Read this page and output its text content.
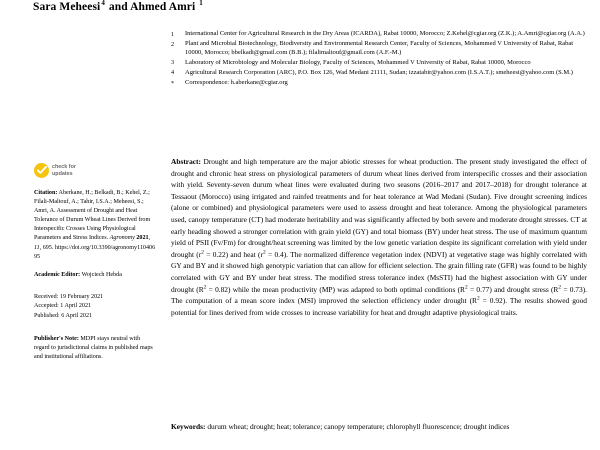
Sara Meheesi$^4$ and Ahmed Amri $^1$
1	International Center for Agricultural Research in the Dry Areas (ICARDA), Rabat 10000, Morocco; Z.Kehel@cgiar.org (Z.K.); A.Amri@cgiar.org (A.A.)
2	Plant and Microbial Biotechnology, Biodiversity and Environmental Research Center, Faculty of Sciences, Mohammed V University of Rabat, Rabat 10000, Morocco; bbelkadi@gmail.com (B.B.); filalimaltouf@gmail.com (A.F.-M.)
3	Laboratory of Microbiology and Molecular Biology, Faculty of Sciences, Mohammed V University of Rabat, Rabat 10000, Morocco
4	Agricultural Research Corporation (ARC), P.O. Box 126, Wad Medani 21111, Sudan; izzatabir@yahoo.com (I.S.A.T.); smeheesi@yahoo.com (S.M.)
*	Correspondence: h.aberkane@cgiar.org
check for
updates
Citation: Aberkane, H.; Belkadi, B.; Kehel, Z.; Filali-Maltouf, A.; Tahir, I.S.A.; Meheesi, S.; Amri, A. Assessment of Drought and Heat Tolerance of Durum Wheat Lines Derived from Interspecific Crosses Using Physiological Parameters and Stress Indices. Agronomy 2021, 11, 695. https://doi.org/10.3390/agronomy11040695
Academic Editor: Wojciech Hebda
Received: 19 February 2021
Accepted: 1 April 2021
Published: 6 April 2021
Publisher's Note: MDPI stays neutral with regard to jurisdictional claims in published maps and institutional affiliations.
Abstract: Drought and high temperature are the major abiotic stresses for wheat production. The present study investigated the effect of drought and chronic heat stress on physiological parameters of durum wheat lines derived from interspecific crosses and their association with yield. Seventy-seven durum wheat lines were evaluated during two seasons (2016–2017 and 2017–2018) for drought tolerance at Tessaout (Morocco) using irrigated and rainfed treatments and for heat tolerance at Wad Medani (Sudan). Five drought screening indices (alone or combined) and physiological parameters were used to assess drought and heat tolerance. Among the physiological parameters used, canopy temperature (CT) had moderate heritability and was significantly affected by both severe and moderate drought stresses. CT at early heading showed a stronger correlation with grain yield (GY) and total biomass (BY) under heat stress. The use of maximum quantum yield of PSII (Fv/Fm) for drought/heat screening was limited by the low genetic variation despite its significant correlation with yield under drought $(r^2 = 0.22)$ and heat $(r^2 = 0.4)$. The normalized difference vegetation index (NDVI) at vegetative stage was highly correlated with GY and BY and it showed high genotypic variation that can allow for efficient selection. The grain filling rate (GFR) was found to be highly correlated with GY and BY under heat stress. The modified stress tolerance index (MsSTI) had the highest association with GY under drought $(R^2 = 0.82)$ while the mean productivity (MP) was adapted to both optimal conditions $(R^2 = 0.77)$ and drought stress $(R^2 = 0.73)$. The computation of a mean score index (MSI) improved the selection efficiency under drought $(R^2 = 0.92)$. The results showed good potential for lines derived from wide crosses to increase variability for heat and drought adaptive physiological traits.
Keywords: durum wheat; drought; heat; tolerance; canopy temperature; chlorophyll fluorescence; drought indices
